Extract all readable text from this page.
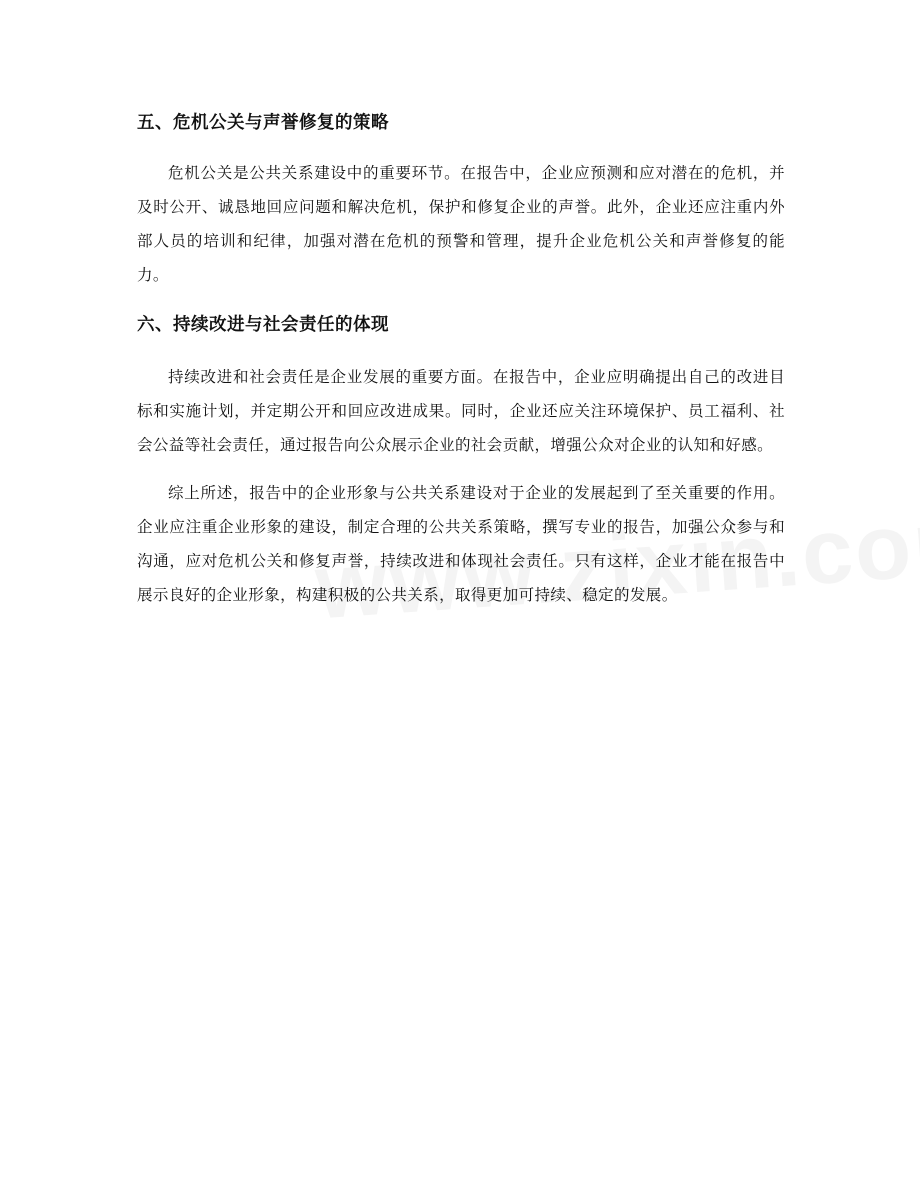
五、危机公关与声誉修复的策略

危机公关是公共关系建设中的重要环节。在报告中，企业应预测和应对潜在的危机，并及时公开、诚恳地回应问题和解决危机，保护和修复企业的声誉。此外，企业还应注重内外部人员的培训和纪律，加强对潜在危机的预警和管理，提升企业危机公关和声誉修复的能力。

六、持续改进与社会责任的体现

持续改进和社会责任是企业发展的重要方面。在报告中，企业应明确提出自己的改进目标和实施计划，并定期公开和回应改进成果。同时，企业还应关注环境保护、员工福利、社会公益等社会责任，通过报告向公众展示企业的社会贡献，增强公众对企业的认知和好感。

综上所述，报告中的企业形象与公共关系建设对于企业的发展起到了至关重要的作用。企业应注重企业形象的建设，制定合理的公共关系策略，撰写专业的报告，加强公众参与和沟通，应对危机公关和修复声誉，持续改进和体现社会责任。只有这样，企业才能在报告中展示良好的企业形象，构建积极的公共关系，取得更加可持续、稳定的发展。
